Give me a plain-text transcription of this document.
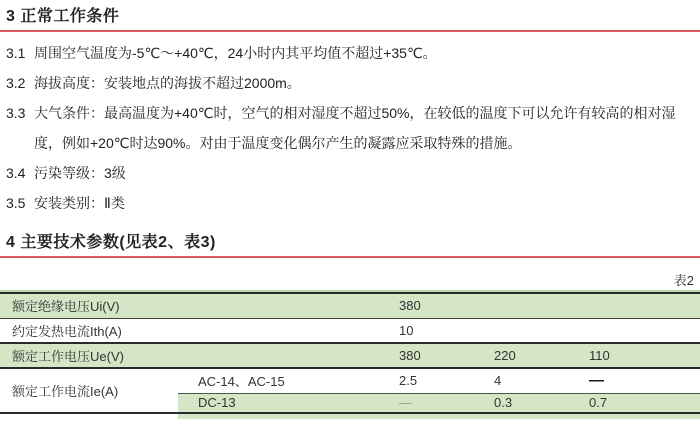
3 正常工作条件
3.1 周围空气温度为-5℃～+40℃，24小时内其平均值不超过+35℃。
3.2 海拔高度：安装地点的海拔不超过2000m。
3.3 大气条件：最高温度为+40℃时，空气的相对湿度不超过50%，在较低的温度下可以允许有较高的相对湿度，例如+20℃时达90%。对由于温度变化偶尔产生的凝露应采取特殊的措施。
3.4 污染等级：3级
3.5 安装类别：Ⅱ类
4 主要技术参数(见表2、表3)
表2
额定绝缘电压Ui(V)		380		
约定发热电流Ith(A)		10		
额定工作电压Ue(V)		380	220	110
额定工作电流Ie(A)	AC-14、AC-15	2.5	4	—
	DC-13	—	0.3	0.7
